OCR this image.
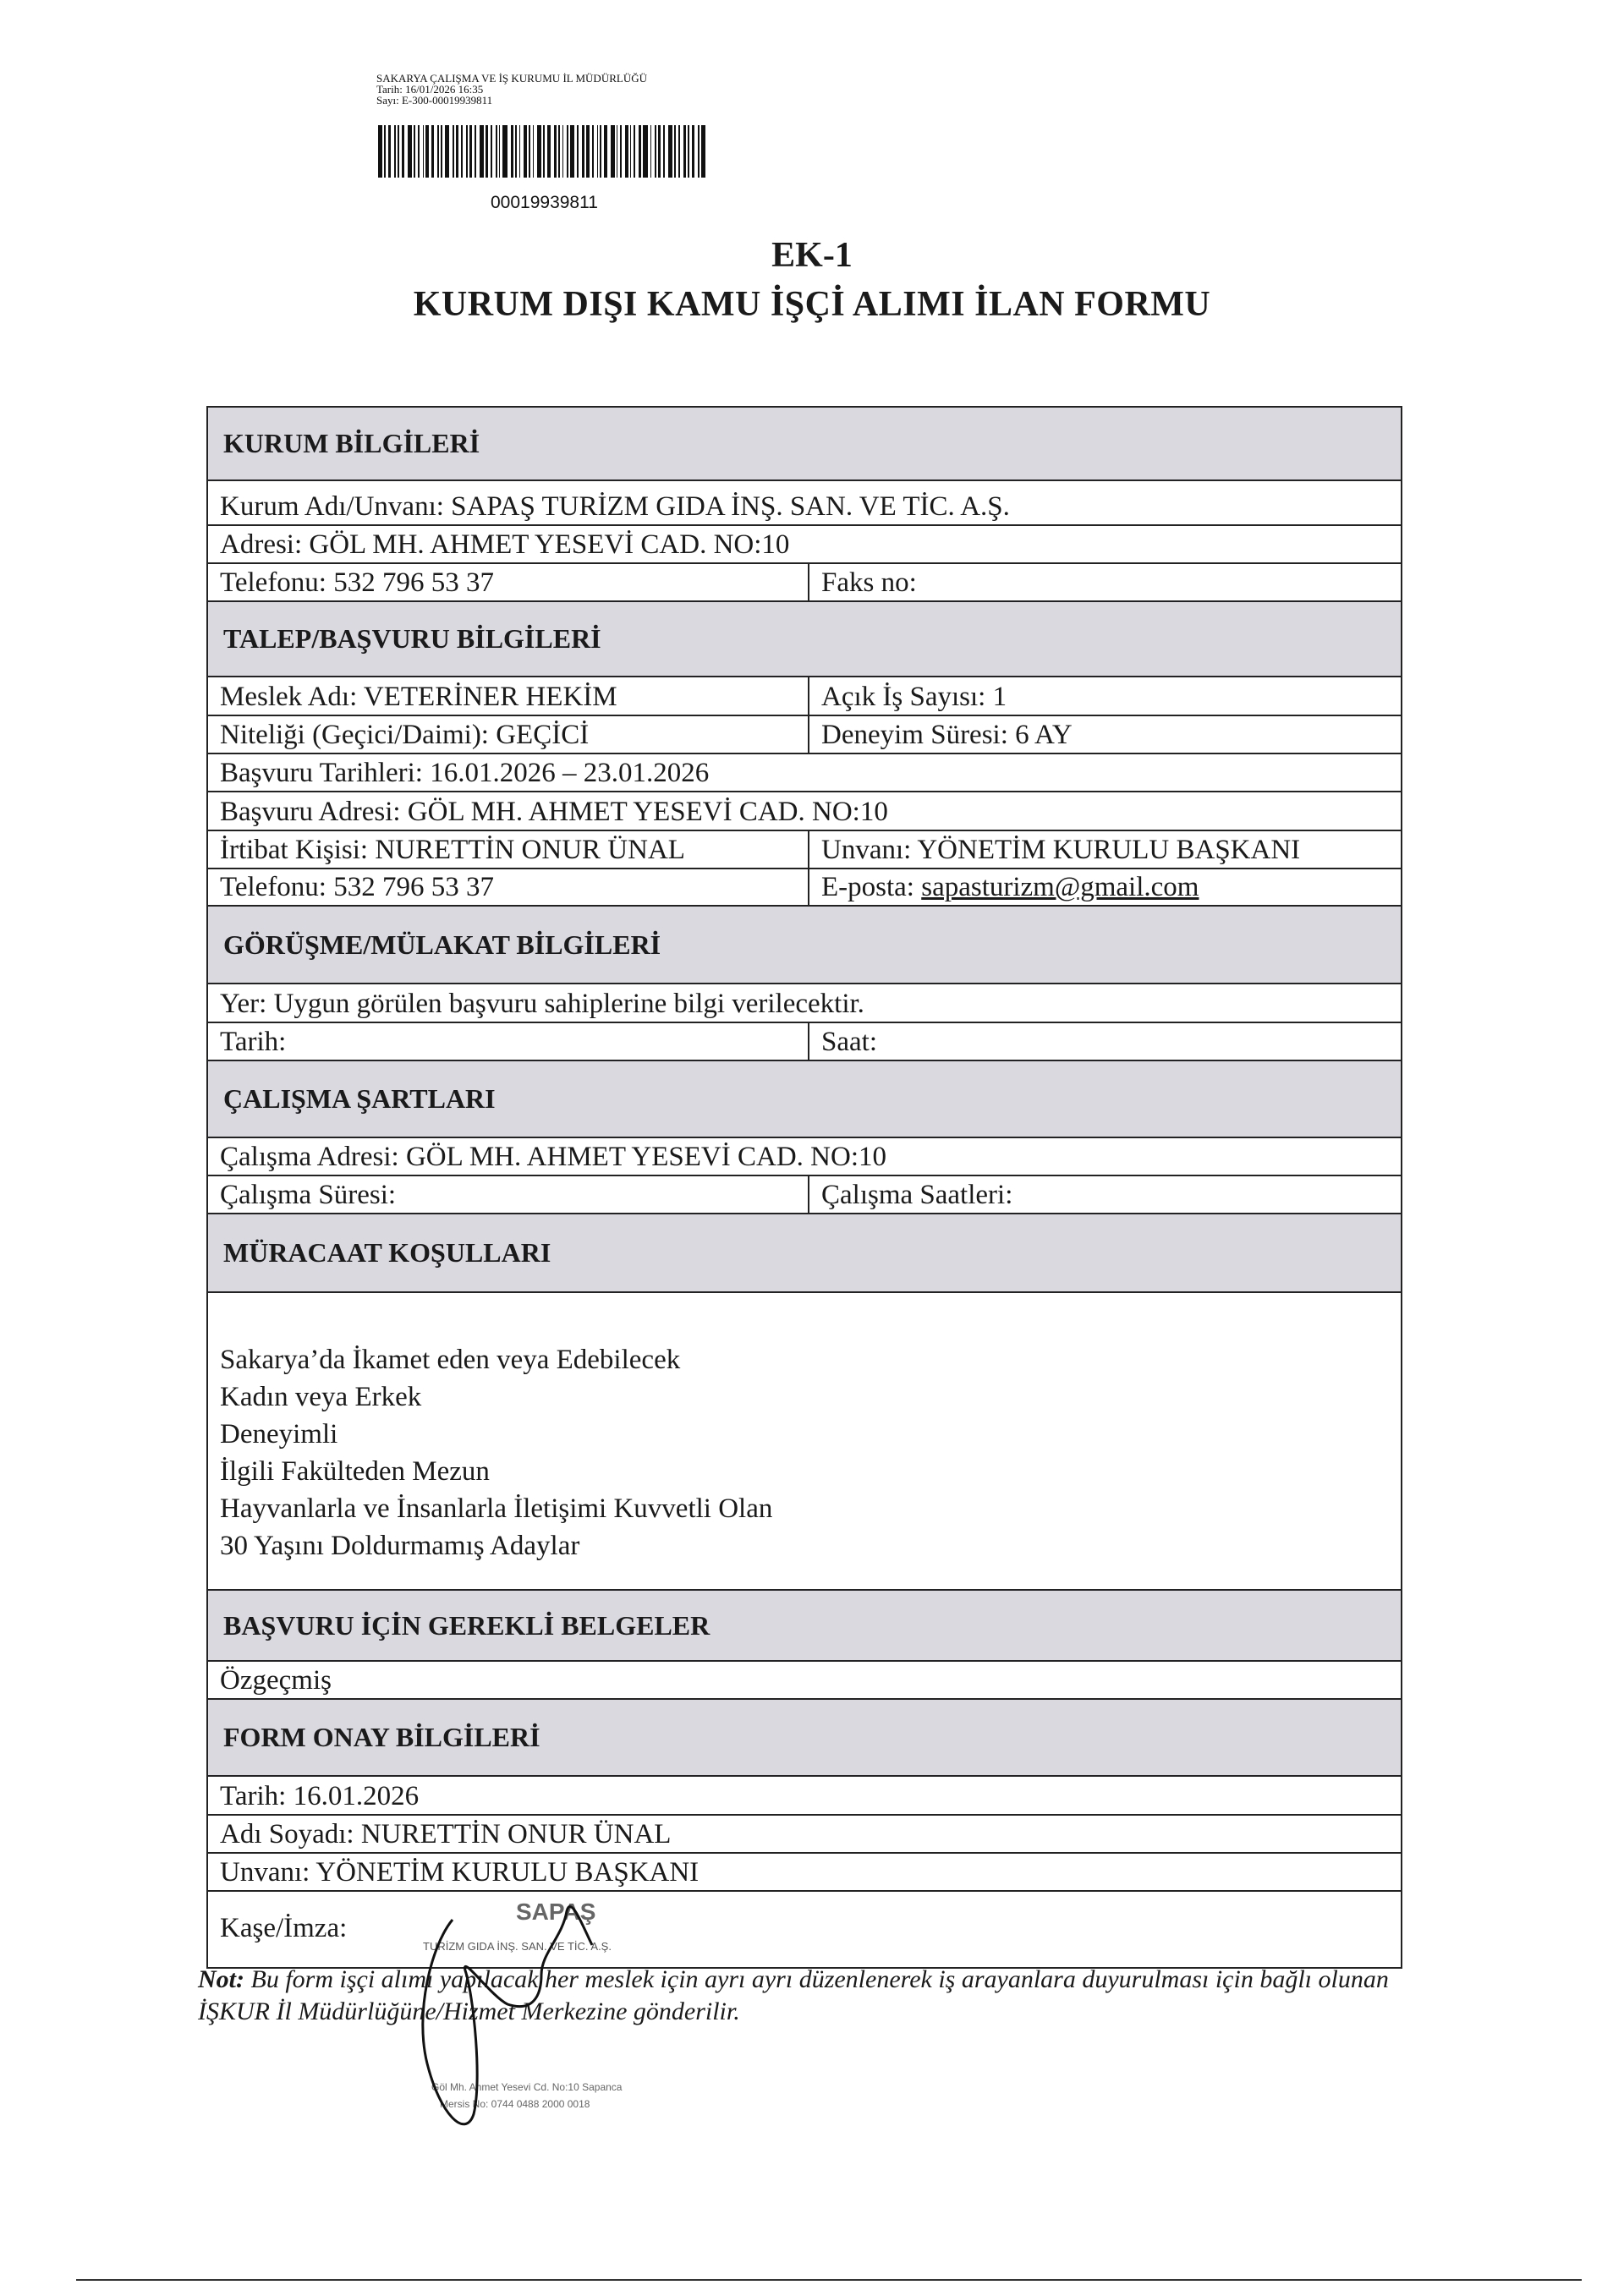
SAKARYA ÇALIŞMA VE İŞ KURUMU İL MÜDÜRLÜĞÜ
Tarih: 16/01/2026 16:35
Sayı: E-300-00019939811
00019939811
EK-1
KURUM DIŞI KAMU İŞÇİ ALIMI İLAN FORMU
KURUM BİLGİLERİ
Kurum Adı/Unvanı: SAPAŞ TURİZM GIDA İNŞ. SAN. VE TİC. A.Ş.
Adresi: GÖL MH. AHMET YESEVİ CAD. NO:10
Telefonu: 532 796 53 37	Faks no:
TALEP/BAŞVURU BİLGİLERİ
Meslek Adı: VETERİNER HEKİM	Açık İş Sayısı: 1
Niteliği (Geçici/Daimi): GEÇİCİ	Deneyim Süresi: 6 AY
Başvuru Tarihleri: 16.01.2026 – 23.01.2026
Başvuru Adresi: GÖL MH. AHMET YESEVİ CAD. NO:10
İrtibat Kişisi: NURETTİN ONUR ÜNAL	Unvanı: YÖNETİM KURULU BAŞKANI
Telefonu: 532 796 53 37	E-posta: sapasturizm@gmail.com
GÖRÜŞME/MÜLAKAT BİLGİLERİ
Yer: Uygun görülen başvuru sahiplerine bilgi verilecektir.
Tarih:	Saat:
ÇALIŞMA ŞARTLARI
Çalışma Adresi: GÖL MH. AHMET YESEVİ CAD. NO:10
Çalışma Süresi:	Çalışma Saatleri:
MÜRACAAT KOŞULLARI
Sakarya’da İkamet eden veya Edebilecek
Kadın veya Erkek
Deneyimli
İlgili Fakülteden Mezun
Hayvanlarla ve İnsanlarla İletişimi Kuvvetli Olan
30 Yaşını Doldurmamış Adaylar
BAŞVURU İÇİN GEREKLİ BELGELER
Özgeçmiş
FORM ONAY BİLGİLERİ
Tarih: 16.01.2026
Adı Soyadı: NURETTİN ONUR ÜNAL
Unvanı: YÖNETİM KURULU BAŞKANI
Kaşe/İmza:
Not: Bu form işçi alımı yapılacak her meslek için ayrı ayrı düzenlenerek iş arayanlara duyurulması için bağlı olunan İŞKUR İl Müdürlüğüne/Hizmet Merkezine gönderilir.
SAPAŞ
TURİZM GIDA İNŞ. SAN. VE TİC. A.Ş.
Göl Mh. Ahmet Yesevi Cd. No:10 Sapanca
Mersis No: 0744 0488 2000 0018
